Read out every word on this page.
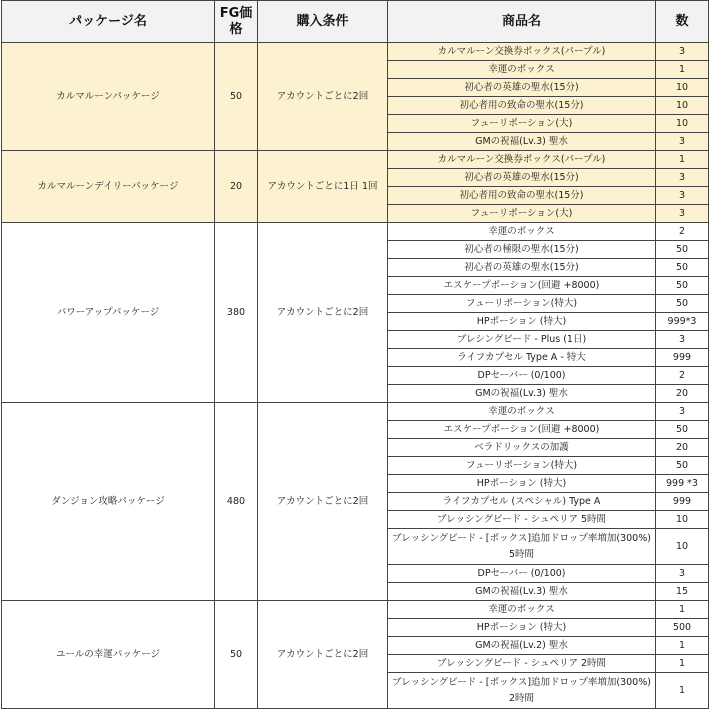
パッケージ名	FG価格	購入条件	商品名	数
カルマルーンパッケージ	50	アカウントごとに2回	カルマルーン交換券ボックス(パープル)	3
			幸運のボックス	1
			初心者の英雄の聖水(15分)	10
			初心者用の致命の聖水(15分)	10
			フューリポーション(大)	10
			GMの祝福(Lv.3) 聖水	3
カルマルーンデイリーパッケージ	20	アカウントごとに1日 1回	カルマルーン交換券ボックス(パープル)	1
			初心者の英雄の聖水(15分)	3
			初心者用の致命の聖水(15分)	3
			フューリポーション(大)	3
パワーアップパッケージ	380	アカウントごとに2回	幸運のボックス	2
			初心者の極限の聖水(15分)	50
			初心者の英雄の聖水(15分)	50
			エスケープポーション(回避 +8000)	50
			フューリポーション(特大)	50
			HPポーション (特大)	999*3
			ブレシングビード - Plus (1日)	3
			ライフカプセル Type A - 特大	999
			DPセーバー (0/100)	2
			GMの祝福(Lv.3) 聖水	20
ダンジョン攻略パッケージ	480	アカウントごとに2回	幸運のボックス	3
			エスケープポーション(回避 +8000)	50
			ベラドリックスの加護	20
			フューリポーション(特大)	50
			HPポーション (特大)	999 *3
			ライフカプセル (スペシャル) Type A	999
			ブレッシングビード - シュペリア 5時間	10
			ブレッシングビード - [ボックス]追加ドロップ率増加(300%) 5時間	10
			DPセーバー (0/100)	3
			GMの祝福(Lv.3) 聖水	15
ユールの幸運パッケージ	50	アカウントごとに2回	幸運のボックス	1
			HPポーション (特大)	500
			GMの祝福(Lv.2) 聖水	1
			ブレッシングビード - シュペリア 2時間	1
			ブレッシングビード - [ボックス]追加ドロップ率増加(300%) 2時間	1
